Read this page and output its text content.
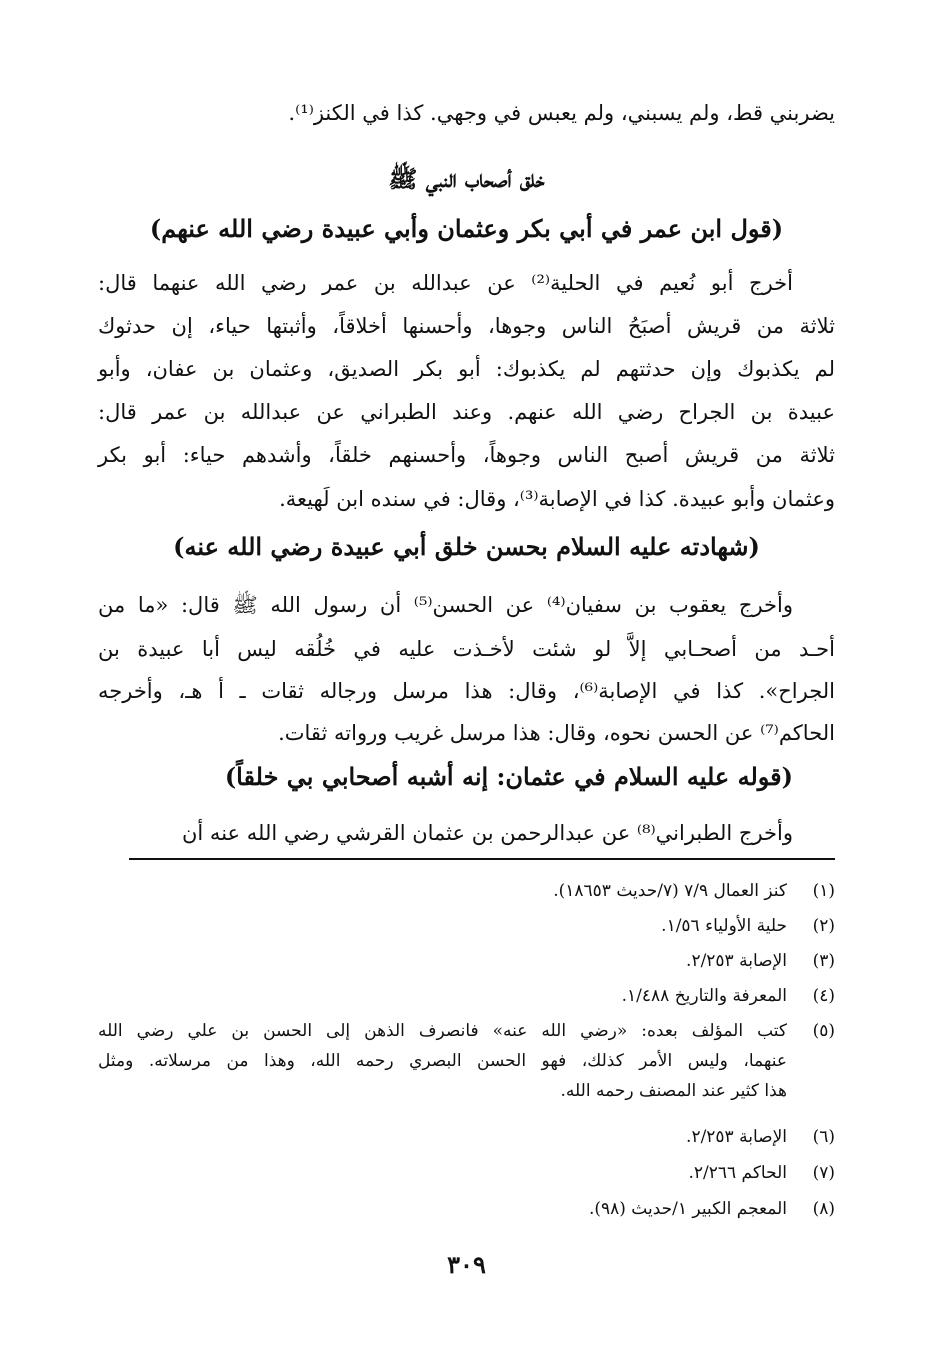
يضربني قط، ولم يسبني، ولم يعبس في وجهي. كذا في الكنز⁽¹⁾.
خلق أصحاب النبي ﷺ
(قول ابن عمر في أبي بكر وعثمان وأبي عبيدة رضي الله عنهم)
أخرج أبو نُعيم في الحلية⁽²⁾ عن عبدالله بن عمر رضي الله عنهما قال:
ثلاثة من قريش أصبَحُ الناس وجوها، وأحسنها أخلاقاً، وأثبتها حياء، إن حدثوك
لم يكذبوك وإن حدثتهم لم يكذبوك: أبو بكر الصديق، وعثمان بن عفان، وأبو
عبيدة بن الجراح رضي الله عنهم. وعند الطبراني عن عبدالله بن عمر قال:
ثلاثة من قريش أصبح الناس وجوهاً، وأحسنهم خلقاً، وأشدهم حياء: أبو بكر
وعثمان وأبو عبيدة. كذا في الإصابة⁽³⁾، وقال: في سنده ابن لَهيعة.
(شهادته عليه السلام بحسن خلق أبي عبيدة رضي الله عنه)
وأخرج يعقوب بن سفيان⁽⁴⁾ عن الحسن⁽⁵⁾ أن رسول الله ﷺ قال: «ما من
أحـد من أصحـابي إلاَّ لو شئت لأخـذت عليه في خُلُقه ليس أبا عبيدة بن
الجراح». كذا في الإصابة⁽⁶⁾، وقال: هذا مرسل ورجاله ثقات ـ أ هـ، وأخرجه
الحاكم⁽⁷⁾ عن الحسن نحوه، وقال: هذا مرسل غريب ورواته ثقات.
(قوله عليه السلام في عثمان: إنه أشبه أصحابي بي خلقاً)
وأخرج الطبراني⁽⁸⁾ عن عبدالرحمن بن عثمان القرشي رضي الله عنه أن
(١)
كنز العمال ٧/٩ (٧/حديث ١٨٦٥٣).
(٢)
حلية الأولياء ١/٥٦.
(٣)
الإصابة ٢/٢٥٣.
(٤)
المعرفة والتاريخ ١/٤٨٨.
(٥)
كتب المؤلف بعده: «رضي الله عنه» فانصرف الذهن إلى الحسن بن علي رضي الله
عنهما، وليس الأمر كذلك، فهو الحسن البصري رحمه الله، وهذا من مرسلاته. ومثل
هذا كثير عند المصنف رحمه الله.
(٦)
الإصابة ٢/٢٥٣.
(٧)
الحاكم ٢/٢٦٦.
(٨)
المعجم الكبير ١/حديث (٩٨).
٣٠٩
